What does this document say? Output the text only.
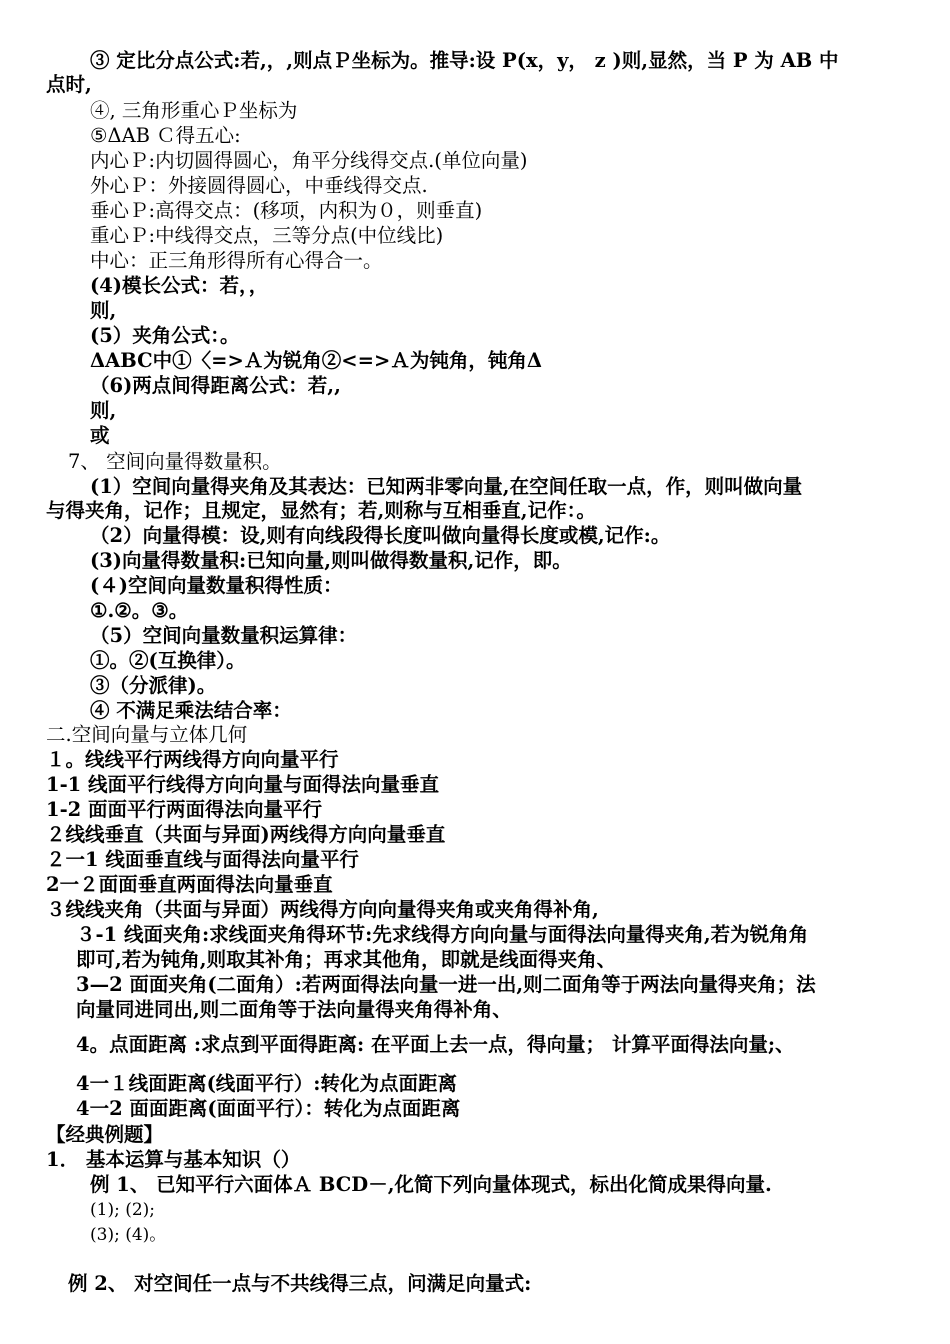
③ 定比分点公式:若,，,则点Ｐ坐标为。推导:设 P(x，y， z )则,显然，当 P 为 AB 中
点时,
④, 三角形重心Ｐ坐标为
⑤ΔAB Ｃ得五心:
内心Ｐ:内切圆得圆心，角平分线得交点.(单位向量)
外心Ｐ：外接圆得圆心，中垂线得交点.
垂心Ｐ:高得交点：(移项，内积为０，则垂直)
重心Ｐ:中线得交点，三等分点(中位线比)
中心：正三角形得所有心得合一。
(4)模长公式：若，，
则,
(5）夹角公式：。
ΔABC中①〈=>Ａ为锐角②<=>Ａ为钝角，钝角Δ
（6)两点间得距离公式：若,,
则,
或
7、 空间向量得数量积。
(1）空间向量得夹角及其表达：已知两非零向量,在空间任取一点，作，则叫做向量
与得夹角，记作；且规定，显然有；若,则称与互相垂直,记作：。
（2）向量得模：设,则有向线段得长度叫做向量得长度或模,记作:。
(3)向量得数量积:已知向量,则叫做得数量积,记作，即。
(４)空间向量数量积得性质：
①.②。③。
（5）空间向量数量积运算律：
①。②(互换律）。
③（分派律)。
④ 不满足乘法结合率：
二.空间向量与立体几何
１。线线平行两线得方向向量平行
1-1 线面平行线得方向向量与面得法向量垂直
1-2 面面平行两面得法向量平行
２线线垂直（共面与异面)两线得方向向量垂直
２一1 线面垂直线与面得法向量平行
2一２面面垂直两面得法向量垂直
３线线夹角（共面与异面）两线得方向向量得夹角或夹角得补角,
３-1 线面夹角:求线面夹角得环节:先求线得方向向量与面得法向量得夹角,若为锐角角
即可,若为钝角,则取其补角；再求其他角，即就是线面得夹角、
3—2 面面夹角(二面角）:若两面得法向量一进一出,则二面角等于两法向量得夹角；法
向量同进同出,则二面角等于法向量得夹角得补角、
4。点面距离 :求点到平面得距离: 在平面上去一点，得向量； 计算平面得法向量;、
4一１线面距离(线面平行）:转化为点面距离
4一2 面面距离(面面平行）：转化为点面距离
【经典例题】
1． 基本运算与基本知识（）
例 1、 已知平行六面体Ａ BCD－,化简下列向量体现式，标出化简成果得向量.
(1); (2);
(3); (4)。
例 2、 对空间任一点与不共线得三点，问满足向量式:
